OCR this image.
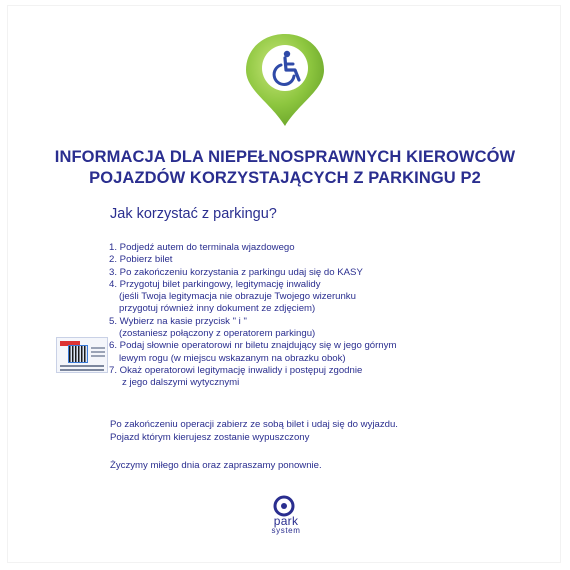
INFORMACJA DLA NIEPEŁNOSPRAWNYCH KIEROWCÓW
POJAZDÓW KORZYSTAJĄCYCH Z PARKINGU P2
Jak korzystać z parkingu?
1. Podjedź autem do terminala wjazdowego
2. Pobierz bilet
3. Po zakończeniu korzystania z parkingu udaj się do KASY
4. Przygotuj bilet parkingowy, legitymację inwalidy
(jeśli Twoja legitymacja nie obrazuje Twojego wizerunku
przygotuj również inny dokument ze zdjęciem)
5. Wybierz na kasie przycisk " i "
(zostaniesz połączony z operatorem parkingu)
6. Podaj słownie operatorowi nr biletu znajdujący się w jego górnym
lewym rogu (w miejscu wskazanym na obrazku obok)
7. Okaż operatorowi legitymację inwalidy i postępuj zgodnie
z jego dalszymi wytycznymi

Po zakończeniu operacji zabierz ze sobą bilet i udaj się do wyjazdu.

Pojazd którym kierujesz zostanie wypuszczony

Życzymy miłego dnia oraz zapraszamy ponownie.

park
system
